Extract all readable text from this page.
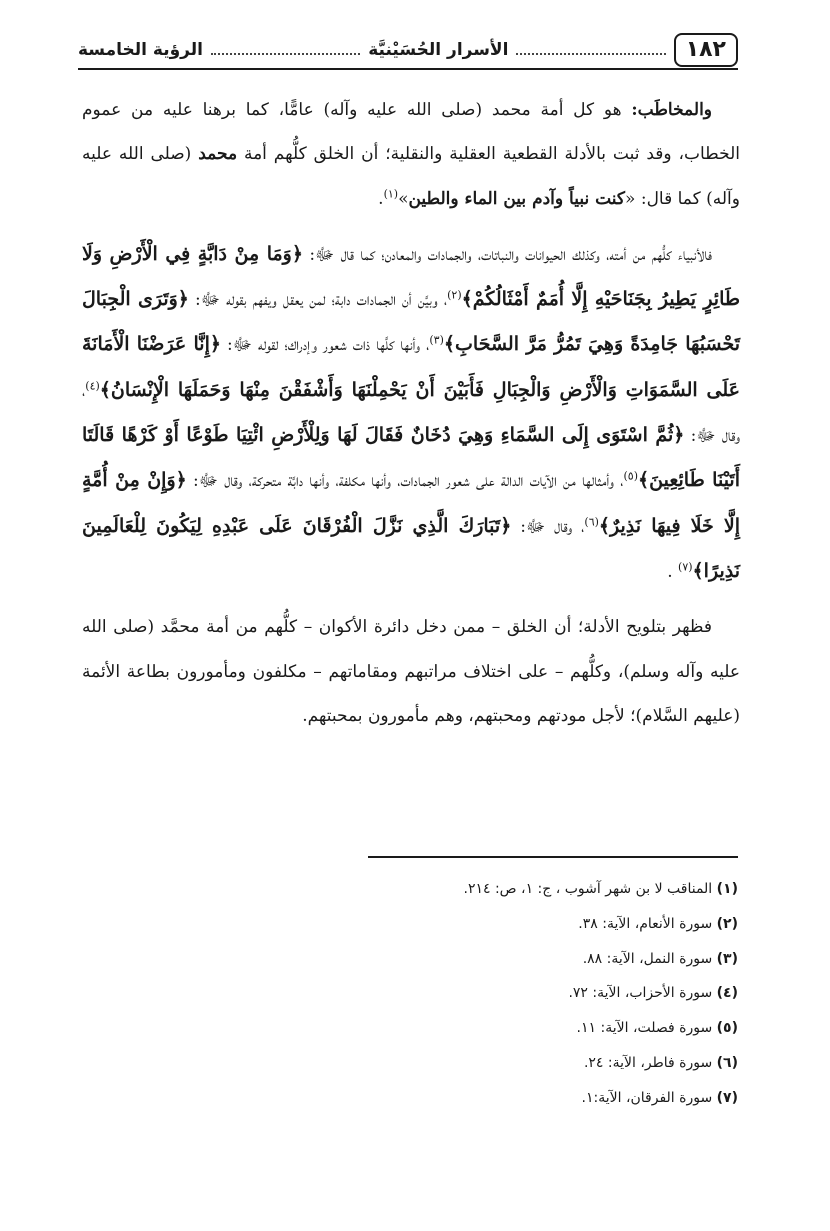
١٨٢
الأسرار الحُسَيْنيَّة
الرؤية الخامسة

والمخاطَب: هو كل أمة محمد (صلى الله عليه وآله) عامًّا، كما برهنا عليه من عموم الخطاب، وقد ثبت بالأدلة القطعية العقلية والنقلية؛ أن الخلق كلُّهم أمة محمد (صلى الله عليه وآله) كما قال: «كنت نبياً وآدم بين الماء والطين»$^{(١)}$.

فالأنبياء كلُّهم من أمته، وكذلك الحيوانات والنباتات، والجمادات والمعادن؛ كما قال ﷻ: ﴿وَمَا مِنْ دَابَّةٍ فِي الْأَرْضِ وَلَا طَائِرٍ يَطِيرُ بِجَنَاحَيْهِ إِلَّا أُمَمٌ أَمْثَالُكُمْ﴾$^{(٢)}$، وبيَّن أن الجمادات دابة؛ لمن يعقل ويفهم بقوله ﷻ: ﴿وَتَرَى الْجِبَالَ تَحْسَبُهَا جَامِدَةً وَهِيَ تَمُرُّ مَرَّ السَّحَابِ﴾$^{(٣)}$، وأنها كلَّها ذات شعور وإدراك؛ لقوله ﷻ: ﴿إِنَّا عَرَضْنَا الْأَمَانَةَ عَلَى السَّمَوَاتِ وَالْأَرْضِ وَالْجِبَالِ فَأَبَيْنَ أَنْ يَحْمِلْنَهَا وَأَشْفَقْنَ مِنْهَا وَحَمَلَهَا الْإِنْسَانُ﴾$^{(٤)}$، وقال ﷻ: ﴿ثُمَّ اسْتَوَى إِلَى السَّمَاءِ وَهِيَ دُخَانٌ فَقَالَ لَهَا وَلِلْأَرْضِ ائْتِيَا طَوْعًا أَوْ كَرْهًا قَالَتَا أَتَيْنَا طَائِعِينَ﴾$^{(٥)}$، وأمثالها من الآيات الدالة على شعور الجمادات، وأنها مكلفة، وأنها دابَّة متحركة، وقال ﷻ: ﴿وَإِنْ مِنْ أُمَّةٍ إِلَّا خَلَا فِيهَا نَذِيرٌ﴾$^{(٦)}$، وقال ﷻ: ﴿تَبَارَكَ الَّذِي نَزَّلَ الْفُرْقَانَ عَلَى عَبْدِهِ لِيَكُونَ لِلْعَالَمِينَ نَذِيرًا﴾$^{(٧)}$ .

فظهر بتلويح الأدلة؛ أن الخلق – ممن دخل دائرة الأكوان – كلُّهم من أمة محمَّد (صلى الله عليه وآله وسلم)، وكلُّهم – على اختلاف مراتبهم ومقاماتهم – مكلفون ومأمورون بطاعة الأئمة (عليهم السَّلام)؛ لأجل مودتهم ومحبتهم، وهم مأمورون بمحبتهم.

(١) المناقب لا بن شهر آشوب ، ج: ١، ص: ٢١٤.
(٢) سورة الأنعام، الآية: ٣٨.
(٣) سورة النمل، الآية: ٨٨.
(٤) سورة الأحزاب، الآية: ٧٢.
(٥) سورة فصلت، الآية: ١١.
(٦) سورة فاطر، الآية: ٢٤.
(٧) سورة الفرقان، الآية:١.
